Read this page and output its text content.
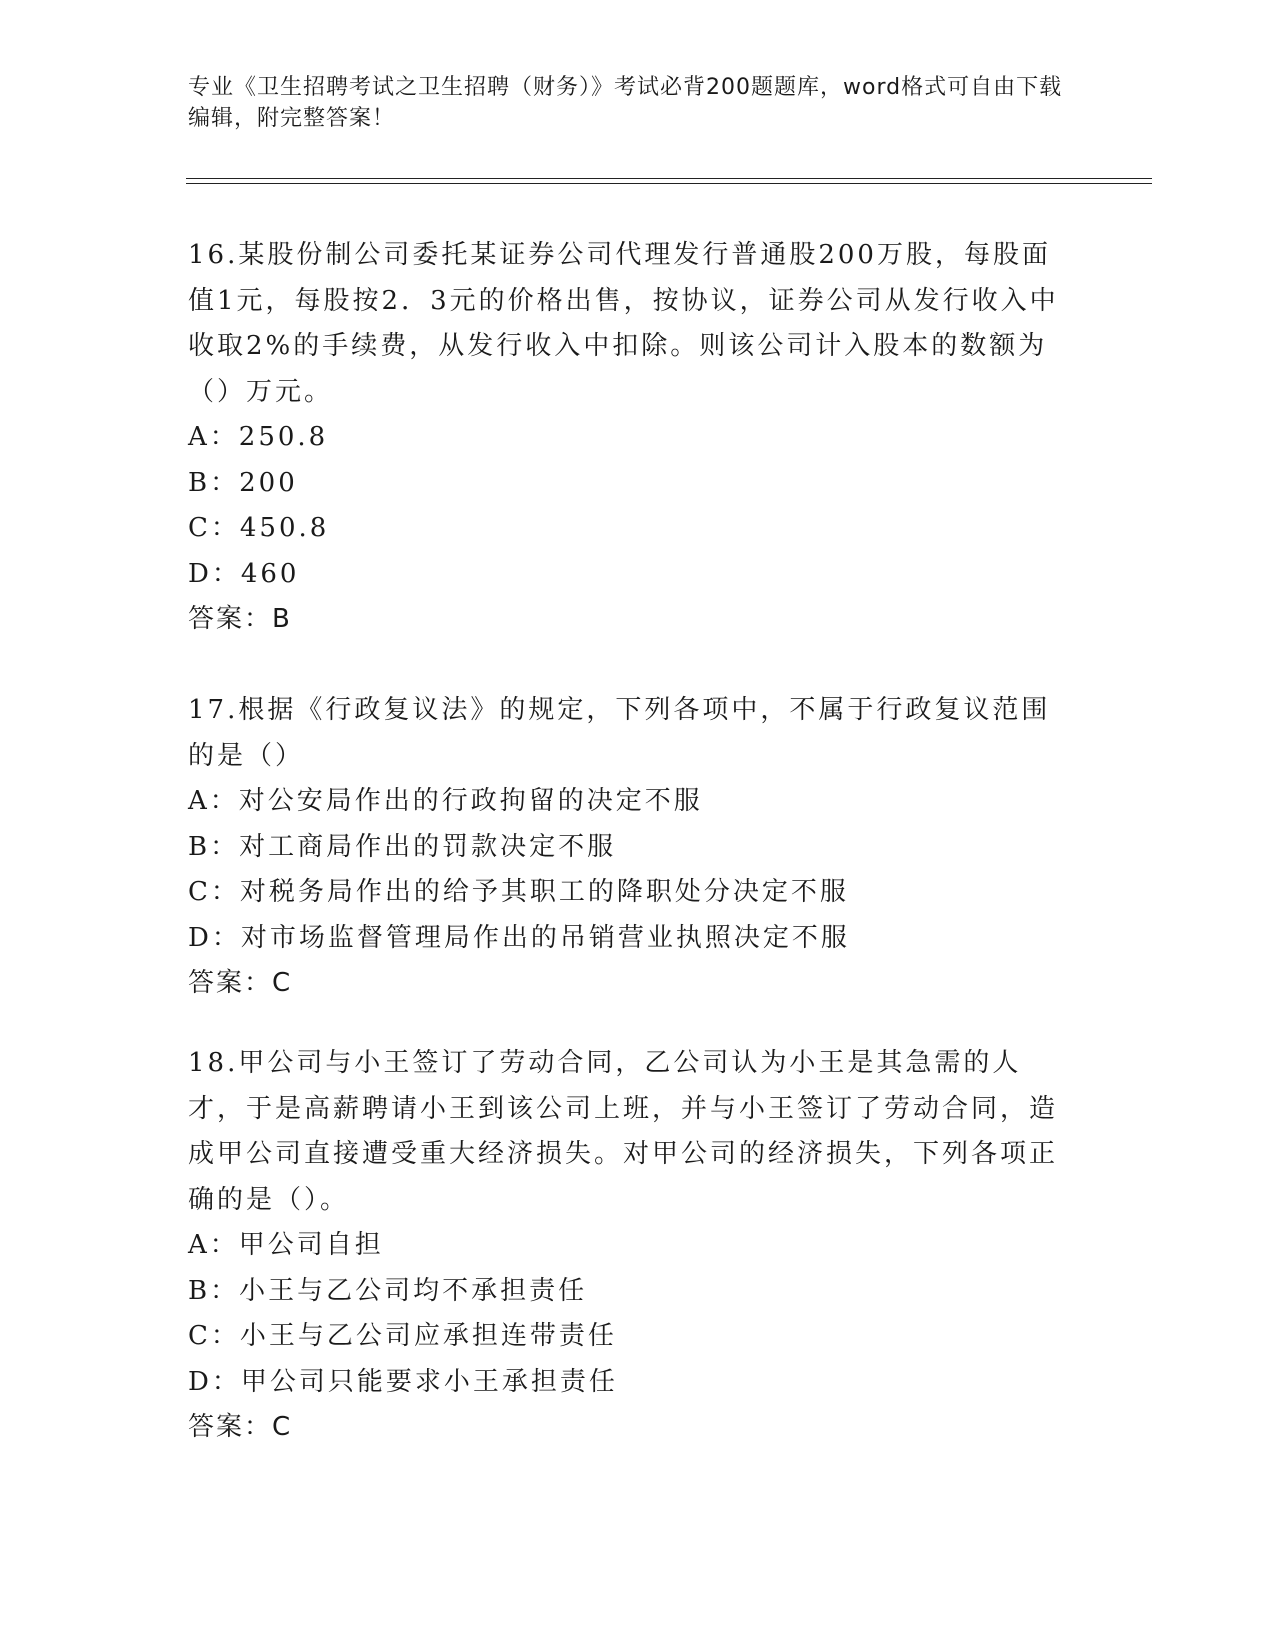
专业《卫生招聘考试之卫生招聘（财务）》考试必背200题题库，word格式可自由下载编辑，附完整答案！
16.某股份制公司委托某证券公司代理发行普通股200万股，每股面值1元，每股按2．3元的价格出售，按协议，证券公司从发行收入中收取2%的手续费，从发行收入中扣除。则该公司计入股本的数额为（）万元。
A：250.8
B：200
C：450.8
D：460
答案：B
17.根据《行政复议法》的规定，下列各项中，不属于行政复议范围的是（）
A：对公安局作出的行政拘留的决定不服
B：对工商局作出的罚款决定不服
C：对税务局作出的给予其职工的降职处分决定不服
D：对市场监督管理局作出的吊销营业执照决定不服
答案：C
18.甲公司与小王签订了劳动合同，乙公司认为小王是其急需的人才，于是高薪聘请小王到该公司上班，并与小王签订了劳动合同，造成甲公司直接遭受重大经济损失。对甲公司的经济损失，下列各项正确的是（）。
A：甲公司自担
B：小王与乙公司均不承担责任
C：小王与乙公司应承担连带责任
D：甲公司只能要求小王承担责任
答案：C
